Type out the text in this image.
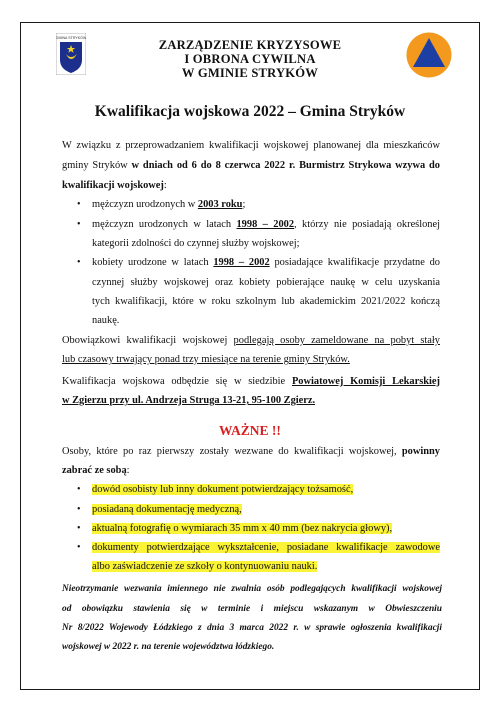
GMINA STRYKÓW	ZARZĄDZENIE KRYZYSOWE
I OBRONA CYWILNA
W GMINIE STRYKÓW
Kwalifikacja wojskowa 2022 – Gmina Stryków
W związku z przeprowadzaniem kwalifikacji wojskowej planowanej dla mieszkańców
gminy Stryków w dniach od 6 do 8 czerwca 2022 r. Burmistrz Strykowa wzywa do
kwalifikacji wojskowej:
• mężczyzn urodzonych w 2003 roku;
• mężczyzn urodzonych w latach 1998 – 2002, którzy nie posiadają określonej
kategorii zdolności do czynnej służby wojskowej;
• kobiety urodzone w latach 1998 – 2002 posiadające kwalifikacje przydatne do
czynnej służby wojskowej oraz kobiety pobierające naukę w celu uzyskania
tych kwalifikacji, które w roku szkolnym lub akademickim 2021/2022 kończą
naukę.
Obowiązkowi kwalifikacji wojskowej podlegają osoby zameldowane na pobyt stały
lub czasowy trwający ponad trzy miesiące na terenie gminy Stryków.
Kwalifikacja wojskowa odbędzie się w siedzibie Powiatowej Komisji Lekarskiej
w Zgierzu przy ul. Andrzeja Struga 13-21, 95-100 Zgierz.
WAŻNE !!
Osoby, które po raz pierwszy zostały wezwane do kwalifikacji wojskowej, powinny
zabrać ze sobą:
• dowód osobisty lub inny dokument potwierdzający tożsamość,
• posiadaną dokumentację medyczną,
• aktualną fotografię o wymiarach 35 mm x 40 mm (bez nakrycia głowy),
• dokumenty potwierdzające wykształcenie, posiadane kwalifikacje zawodowe
albo zaświadczenie ze szkoły o kontynuowaniu nauki.
Nieotrzymanie wezwania imiennego nie zwalnia osób podlegających kwalifikacji wojskowej
od obowiązku stawienia się w terminie i miejscu wskazanym w Obwieszczeniu
Nr 8/2022 Wojewody Łódzkiego z dnia 3 marca 2022 r. w sprawie ogłoszenia kwalifikacji
wojskowej w 2022 r. na terenie województwa łódzkiego.
